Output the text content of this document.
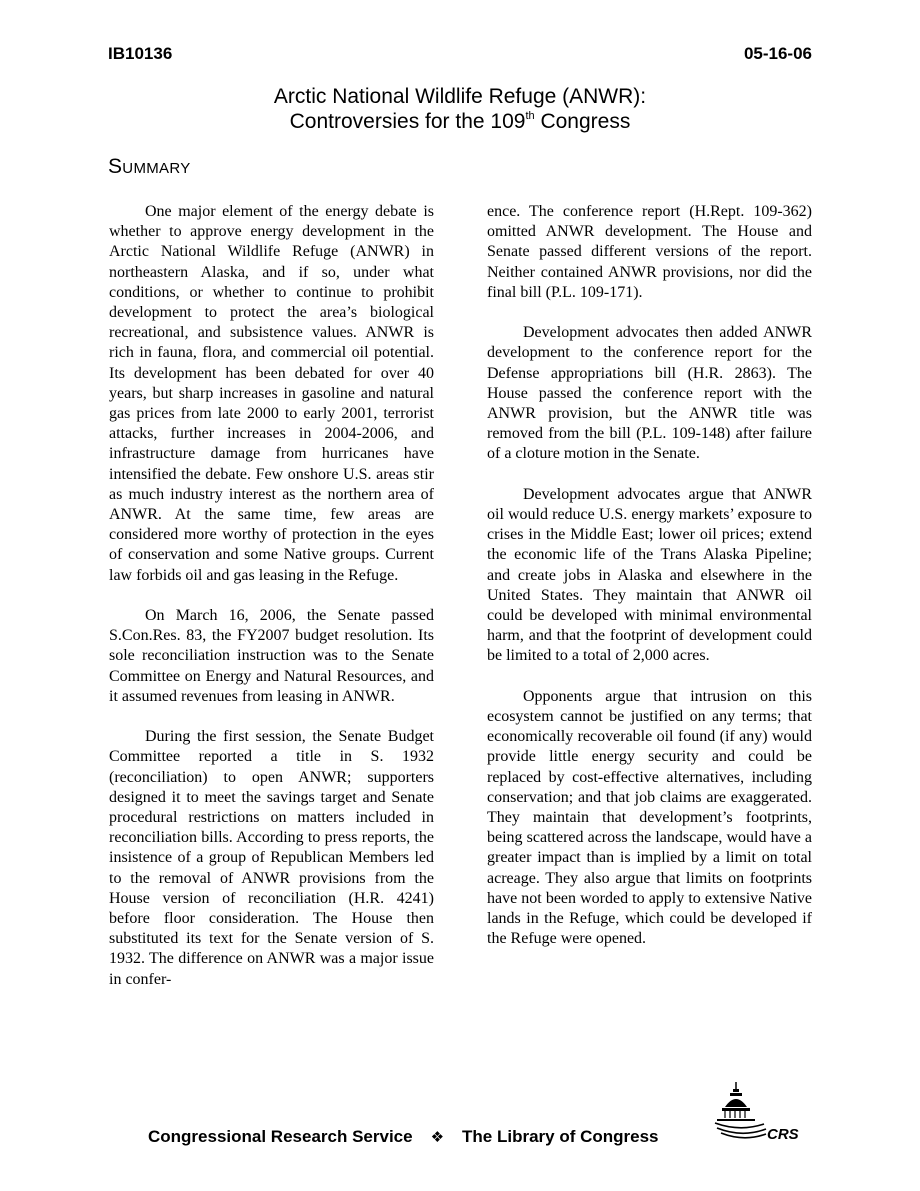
IB10136	05-16-06
Arctic National Wildlife Refuge (ANWR):
Controversies for the 109th Congress
Summary

One major element of the energy debate is whether to approve energy development in the Arctic National Wildlife Refuge (ANWR) in northeastern Alaska, and if so, under what conditions, or whether to continue to prohibit development to protect the area’s biological recreational, and subsistence values. ANWR is rich in fauna, flora, and commercial oil potential. Its development has been debated for over 40 years, but sharp increases in gasoline and natural gas prices from late 2000 to early 2001, terrorist attacks, further increases in 2004-2006, and infrastructure damage from hurricanes have intensified the debate. Few onshore U.S. areas stir as much industry interest as the northern area of ANWR. At the same time, few areas are considered more worthy of protection in the eyes of conservation and some Native groups. Current law forbids oil and gas leasing in the Refuge.

On March 16, 2006, the Senate passed S.Con.Res. 83, the FY2007 budget resolution. Its sole reconciliation instruction was to the Senate Committee on Energy and Natural Resources, and it assumed revenues from leasing in ANWR.

During the first session, the Senate Budget Committee reported a title in S. 1932 (reconciliation) to open ANWR; supporters designed it to meet the savings target and Senate procedural restrictions on matters included in reconciliation bills. According to press reports, the insistence of a group of Republican Members led to the removal of ANWR provisions from the House version of reconciliation (H.R. 4241) before floor consideration. The House then substituted its text for the Senate version of S. 1932. The difference on ANWR was a major issue in confer-

ence. The conference report (H.Rept. 109-362) omitted ANWR development. The House and Senate passed different versions of the report. Neither contained ANWR provisions, nor did the final bill (P.L. 109-171).

Development advocates then added ANWR development to the conference report for the Defense appropriations bill (H.R. 2863). The House passed the conference report with the ANWR provision, but the ANWR title was removed from the bill (P.L. 109-148) after failure of a cloture motion in the Senate.

Development advocates argue that ANWR oil would reduce U.S. energy markets’ exposure to crises in the Middle East; lower oil prices; extend the economic life of the Trans Alaska Pipeline; and create jobs in Alaska and elsewhere in the United States. They maintain that ANWR oil could be developed with minimal environmental harm, and that the footprint of development could be limited to a total of 2,000 acres.

Opponents argue that intrusion on this ecosystem cannot be justified on any terms; that economically recoverable oil found (if any) would provide little energy security and could be replaced by cost-effective alternatives, including conservation; and that job claims are exaggerated. They maintain that development’s footprints, being scattered across the landscape, would have a greater impact than is implied by a limit on total acreage. They also argue that limits on footprints have not been worded to apply to extensive Native lands in the Refuge, which could be developed if the Refuge were opened.

Congressional Research Service ❖ The Library of Congress	CRS
